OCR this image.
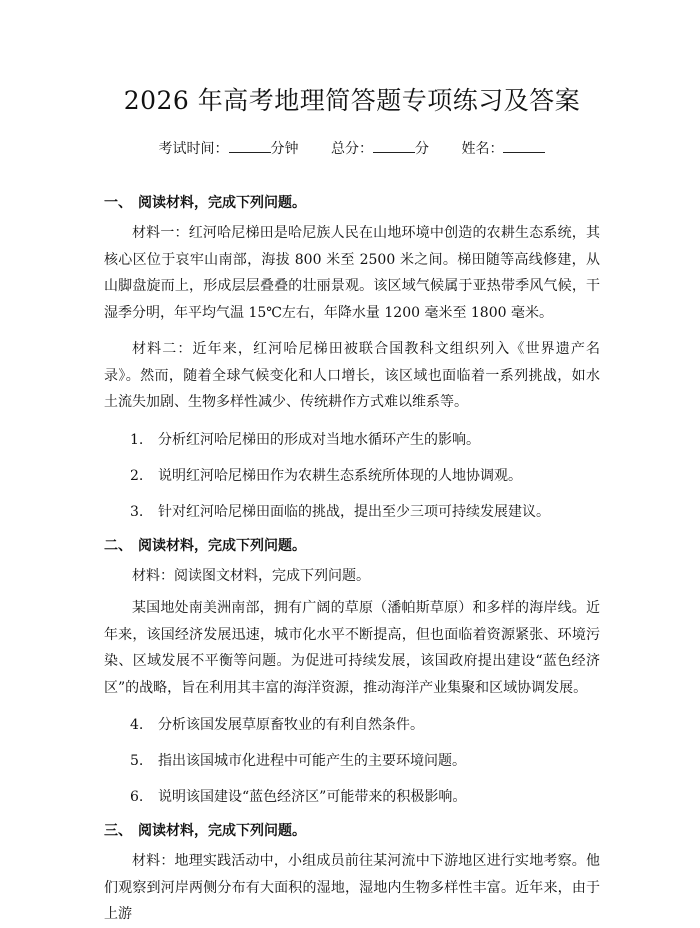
2026 年高考地理简答题专项练习及答案
考试时间：	分钟 总分：	分 姓名：

一、 阅读材料，完成下列问题。

材料一：红河哈尼梯田是哈尼族人民在山地环境中创造的农耕生态系统，其核心区位于哀牢山南部，海拔 800 米至 2500 米之间。梯田随等高线修建，从山脚盘旋而上，形成层层叠叠的壮丽景观。该区域气候属于亚热带季风气候，干湿季分明，年平均气温 15℃左右，年降水量 1200 毫米至 1800 毫米。

材料二：近年来，红河哈尼梯田被联合国教科文组织列入《世界遗产名录》。然而，随着全球气候变化和人口增长，该区域也面临着一系列挑战，如水土流失加剧、生物多样性减少、传统耕作方式难以维系等。

1. 分析红河哈尼梯田的形成对当地水循环产生的影响。

2. 说明红河哈尼梯田作为农耕生态系统所体现的人地协调观。

3. 针对红河哈尼梯田面临的挑战，提出至少三项可持续发展建议。

二、 阅读材料，完成下列问题。

材料：阅读图文材料，完成下列问题。

某国地处南美洲南部，拥有广阔的草原（潘帕斯草原）和多样的海岸线。近年来，该国经济发展迅速，城市化水平不断提高，但也面临着资源紧张、环境污染、区域发展不平衡等问题。为促进可持续发展，该国政府提出建设“蓝色经济区”的战略，旨在利用其丰富的海洋资源，推动海洋产业集聚和区域协调发展。

4. 分析该国发展草原畜牧业的有利自然条件。

5. 指出该国城市化进程中可能产生的主要环境问题。

6. 说明该国建设“蓝色经济区”可能带来的积极影响。

三、 阅读材料，完成下列问题。

材料：地理实践活动中，小组成员前往某河流中下游地区进行实地考察。他们观察到河岸两侧分布有大面积的湿地，湿地内生物多样性丰富。近年来，由于上游
